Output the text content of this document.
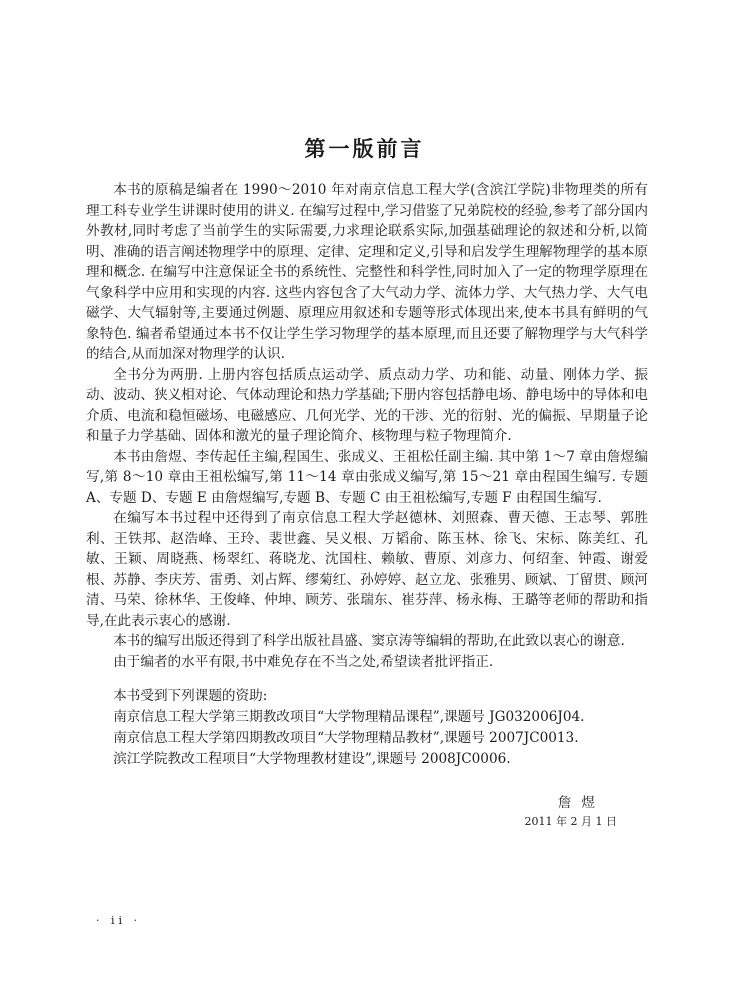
第一版前言

本书的原稿是编者在 1990～2010 年对南京信息工程大学(含滨江学院)非物理类的所有理工科专业学生讲课时使用的讲义. 在编写过程中,学习借鉴了兄弟院校的经验,参考了部分国内外教材,同时考虑了当前学生的实际需要,力求理论联系实际,加强基础理论的叙述和分析,以简明、准确的语言阐述物理学中的原理、定律、定理和定义,引导和启发学生理解物理学的基本原理和概念. 在编写中注意保证全书的系统性、完整性和科学性,同时加入了一定的物理学原理在气象科学中应用和实现的内容. 这些内容包含了大气动力学、流体力学、大气热力学、大气电磁学、大气辐射等,主要通过例题、原理应用叙述和专题等形式体现出来,使本书具有鲜明的气象特色. 编者希望通过本书不仅让学生学习物理学的基本原理,而且还要了解物理学与大气科学的结合,从而加深对物理学的认识.

全书分为两册. 上册内容包括质点运动学、质点动力学、功和能、动量、刚体力学、振动、波动、狭义相对论、气体动理论和热力学基础;下册内容包括静电场、静电场中的导体和电介质、电流和稳恒磁场、电磁感应、几何光学、光的干涉、光的衍射、光的偏振、早期量子论和量子力学基础、固体和激光的量子理论简介、核物理与粒子物理简介.

本书由詹煜、李传起任主编,程国生、张成义、王祖松任副主编. 其中第 1～7 章由詹煜编写,第 8～10 章由王祖松编写,第 11～14 章由张成义编写,第 15～21 章由程国生编写. 专题 A、专题 D、专题 E 由詹煜编写,专题 B、专题 C 由王祖松编写,专题 F 由程国生编写.

在编写本书过程中还得到了南京信息工程大学赵德林、刘照森、曹天德、王志琴、郭胜利、王铁邦、赵浩峰、王玲、裴世鑫、吴义根、万韬俞、陈玉林、徐飞、宋标、陈美红、孔敏、王颖、周晓燕、杨翠红、蒋晓龙、沈国柱、赖敏、曹原、刘彦力、何绍奎、钟霞、谢爱根、苏静、李庆芳、雷勇、刘占辉、缪菊红、孙婷婷、赵立龙、张雅男、顾斌、丁留贯、顾河清、马荣、徐林华、王俊峰、仲坤、顾芳、张瑞东、崔芬萍、杨永梅、王璐等老师的帮助和指导,在此表示衷心的感谢.

本书的编写出版还得到了科学出版社昌盛、窦京涛等编辑的帮助,在此致以衷心的谢意.

由于编者的水平有限,书中难免存在不当之处,希望读者批评指正.

本书受到下列课题的资助:

南京信息工程大学第三期教改项目“大学物理精品课程”,课题号 JG032006J04.

南京信息工程大学第四期教改项目“大学物理精品教材”,课题号 2007JC0013.

滨江学院教改工程项目“大学物理教材建设”,课题号 2008JC0006.

詹煜
2011 年 2 月 1 日
· ii ·
